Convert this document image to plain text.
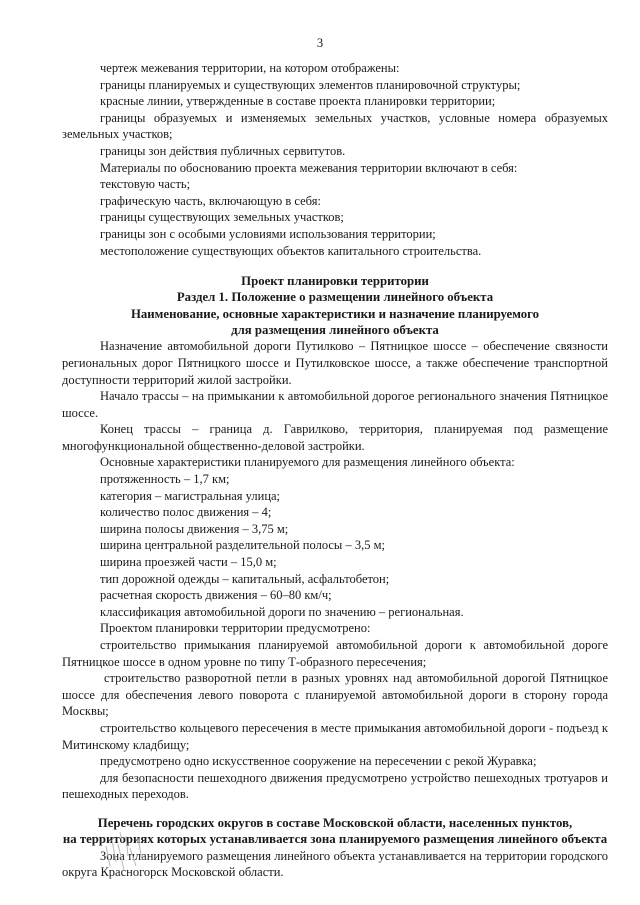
3

чертеж межевания территории, на котором отображены:

границы планируемых и существующих элементов планировочной структуры;

красные линии, утвержденные в составе проекта планировки территории;

границы образуемых и изменяемых земельных участков, условные номера образуемых земельных участков;

границы зон действия публичных сервитутов.

Материалы по обоснованию проекта межевания территории включают в себя:

текстовую часть;

графическую часть, включающую в себя:

границы существующих земельных участков;

границы зон с особыми условиями использования территории;

местоположение существующих объектов капитального строительства.

Проект планировки территории

Раздел 1. Положение о размещении линейного объекта

Наименование, основные характеристики и назначение планируемого

для размещения линейного объекта

Назначение автомобильной дороги Путилково – Пятницкое шоссе – обеспечение связности региональных дорог Пятницкого шоссе и Путилковское шоссе, а также обеспечение транспортной доступности территорий жилой застройки.

Начало трассы – на примыкании к автомобильной дорогое регионального значения Пятницкое шоссе.

Конец трассы – граница д. Гаврилково, территория, планируемая под размещение многофункциональной общественно-деловой застройки.

Основные характеристики планируемого для размещения линейного объекта:

протяженность – 1,7 км;

категория – магистральная улица;

количество полос движения – 4;

ширина полосы движения – 3,75 м;

ширина центральной разделительной полосы – 3,5 м;

ширина проезжей части – 15,0 м;

тип дорожной одежды – капитальный, асфальтобетон;

расчетная скорость движения – 60–80 км/ч;

классификация автомобильной дороги по значению – региональная.

Проектом планировки территории предусмотрено:

строительство примыкания планируемой автомобильной дороги к автомобильной дороге Пятницкое шоссе в одном уровне по типу Т-образного пересечения;

строительство разворотной петли в разных уровнях над автомобильной дорогой Пятницкое шоссе для обеспечения левого поворота с планируемой автомобильной дороги в сторону города Москвы;

строительство кольцевого пересечения в месте примыкания автомобильной дороги - подъезд к Митинскому кладбищу;

предусмотрено одно искусственное сооружение на пересечении с рекой Журавка;

для безопасности пешеходного движения предусмотрено устройство пешеходных тротуаров и пешеходных переходов.

Перечень городских округов в составе Московской области, населенных пунктов,

на территориях которых устанавливается зона планируемого размещения линейного объекта

Зона планируемого размещения линейного объекта устанавливается на территории городского округа Красногорск Московской области.
